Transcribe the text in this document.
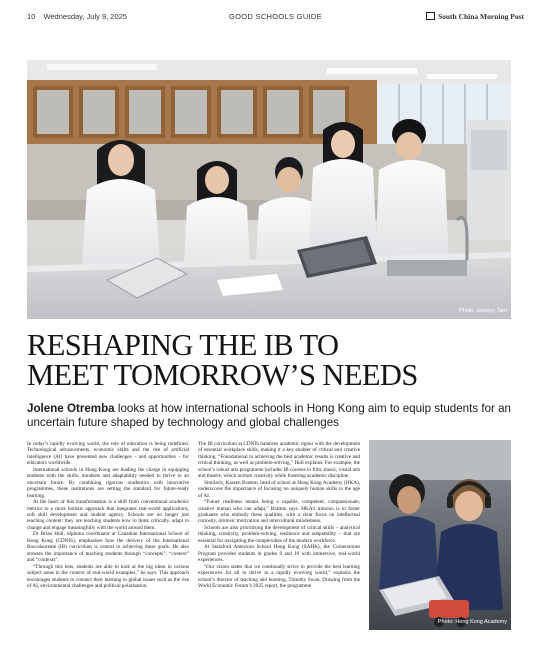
10 Wednesday, July 9, 2025	GOOD SCHOOLS GUIDE	South China Morning Post
Photo: Jocelyn Tam
RESHAPING THE IB TO
MEET TOMORROW’S NEEDS
Jolene Otremba looks at how international schools in Hong Kong aim to equip students for an uncertain future shaped by technology and global challenges

In today’s rapidly evolving world, the role of education is being redefined. Technological advancements, economic shifts and the rise of artificial intelligence (AI) have presented new challenges – and opportunities – for educators worldwide.

International schools in Hong Kong are leading the charge in equipping students with the skills, mindsets and adaptability needed to thrive in an uncertain future. By combining rigorous academics with innovative programmes, these institutions are setting the standard for future-ready learning.

At the heart of this transformation is a shift from conventional academic metrics to a more holistic approach that integrates real-world applications, soft skill development and student agency. Schools are no longer just teaching content: they are teaching students how to think critically, adapt to change and engage meaningfully with the world around them.

Dr Brian Hull, diploma coordinator at Canadian International School of Hong Kong (CDNIS), emphasises how the delivery of the International Baccalaureate (IB) curriculum is central to achieving these goals. He also stresses the importance of teaching students through “concepts”, “context” and “contexts”.

“Through this lens, students are able to look at the big ideas in various subject areas in the context of real-world examples,” he says. This approach encourages students to connect their learning to global issues such as the rise of AI, environmental challenges and political polarisation.

The IB curriculum at CDNIS balances academic rigour with the development of essential workplace skills, making it a key enabler of critical and creative thinking. “Foundational to achieving the best academic results is creative and critical thinking, as well as problem-solving,” Hull explains. For example, the school’s robust arts programme includes IB courses in film, music, visual arts and theatre, which nurture creativity while fostering academic discipline.

Similarly, Kassen Bratton, head of school at Hong Kong Academy (HKA), underscores the importance of focusing on uniquely human skills in the age of AI.

“Future readiness means being a capable, competent, compassionate, creative human who can adapt,” Bratton says. HKA’s mission is to foster graduates who embody these qualities, with a clear focus on intellectual curiosity, intrinsic motivation and intercultural mindedness.

Schools are also prioritising the development of critical skills – analytical thinking, creativity, problem-solving, resilience and adaptability – that are essential for navigating the complexities of the modern workforce.

At Stamford American School Hong Kong (SAHK), the Cornerstones Program provides students in grades 9 and 10 with immersive, real-world experiences.

“Our vision states that we continually strive to provide the best learning experiences for all to thrive in a rapidly evolving world,” explains the school’s director of teaching and learning, Timothy Swan. Drawing from the World Economic Forum’s 2025 report, the programme

Photo: Hong Kong Academy
